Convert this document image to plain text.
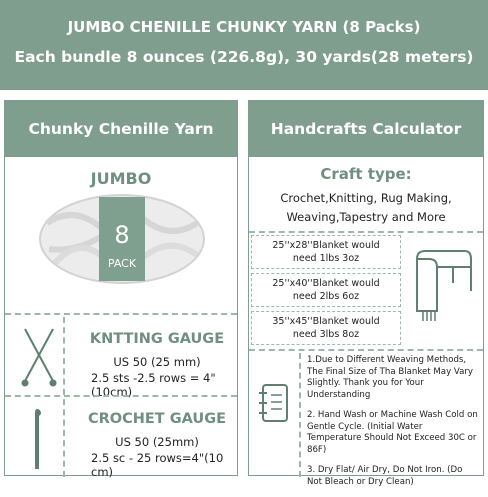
JUMBO CHENILLE CHUNKY YARN (8 Packs)
Each bundle 8 ounces (226.8g), 30 yards(28 meters)
Chunky Chenille Yarn
JUMBO
8
PACK
KNTTING GAUGE
US 50 (25 mm)
2.5 sts -2.5 rows = 4"(10cm)
CROCHET GAUGE
US 50 (25mm)
2.5 sc - 25 rows=4"(10 cm)
Handcrafts Calculator
Craft type:
Crochet,Knitting, Rug Making,
Weaving,Tapestry and More
25''x28''Blanket would
need 1lbs 3oz
25''x40''Blanket would
need 2lbs 6oz
35''x45''Blanket would
need 3lbs 8oz

1.Due to Different Weaving Methods, The Final Size of Tha Blanket May Vary Slightly. Thank you for Your Understanding

2. Hand Wash or Machine Wash Cold on Gentle Cycle. (Initial Water Temperature Should Not Exceed 30C or 86F)

3. Dry Flat/ Air Dry, Do Not Iron. (Do Not Bleach or Dry Clean)
